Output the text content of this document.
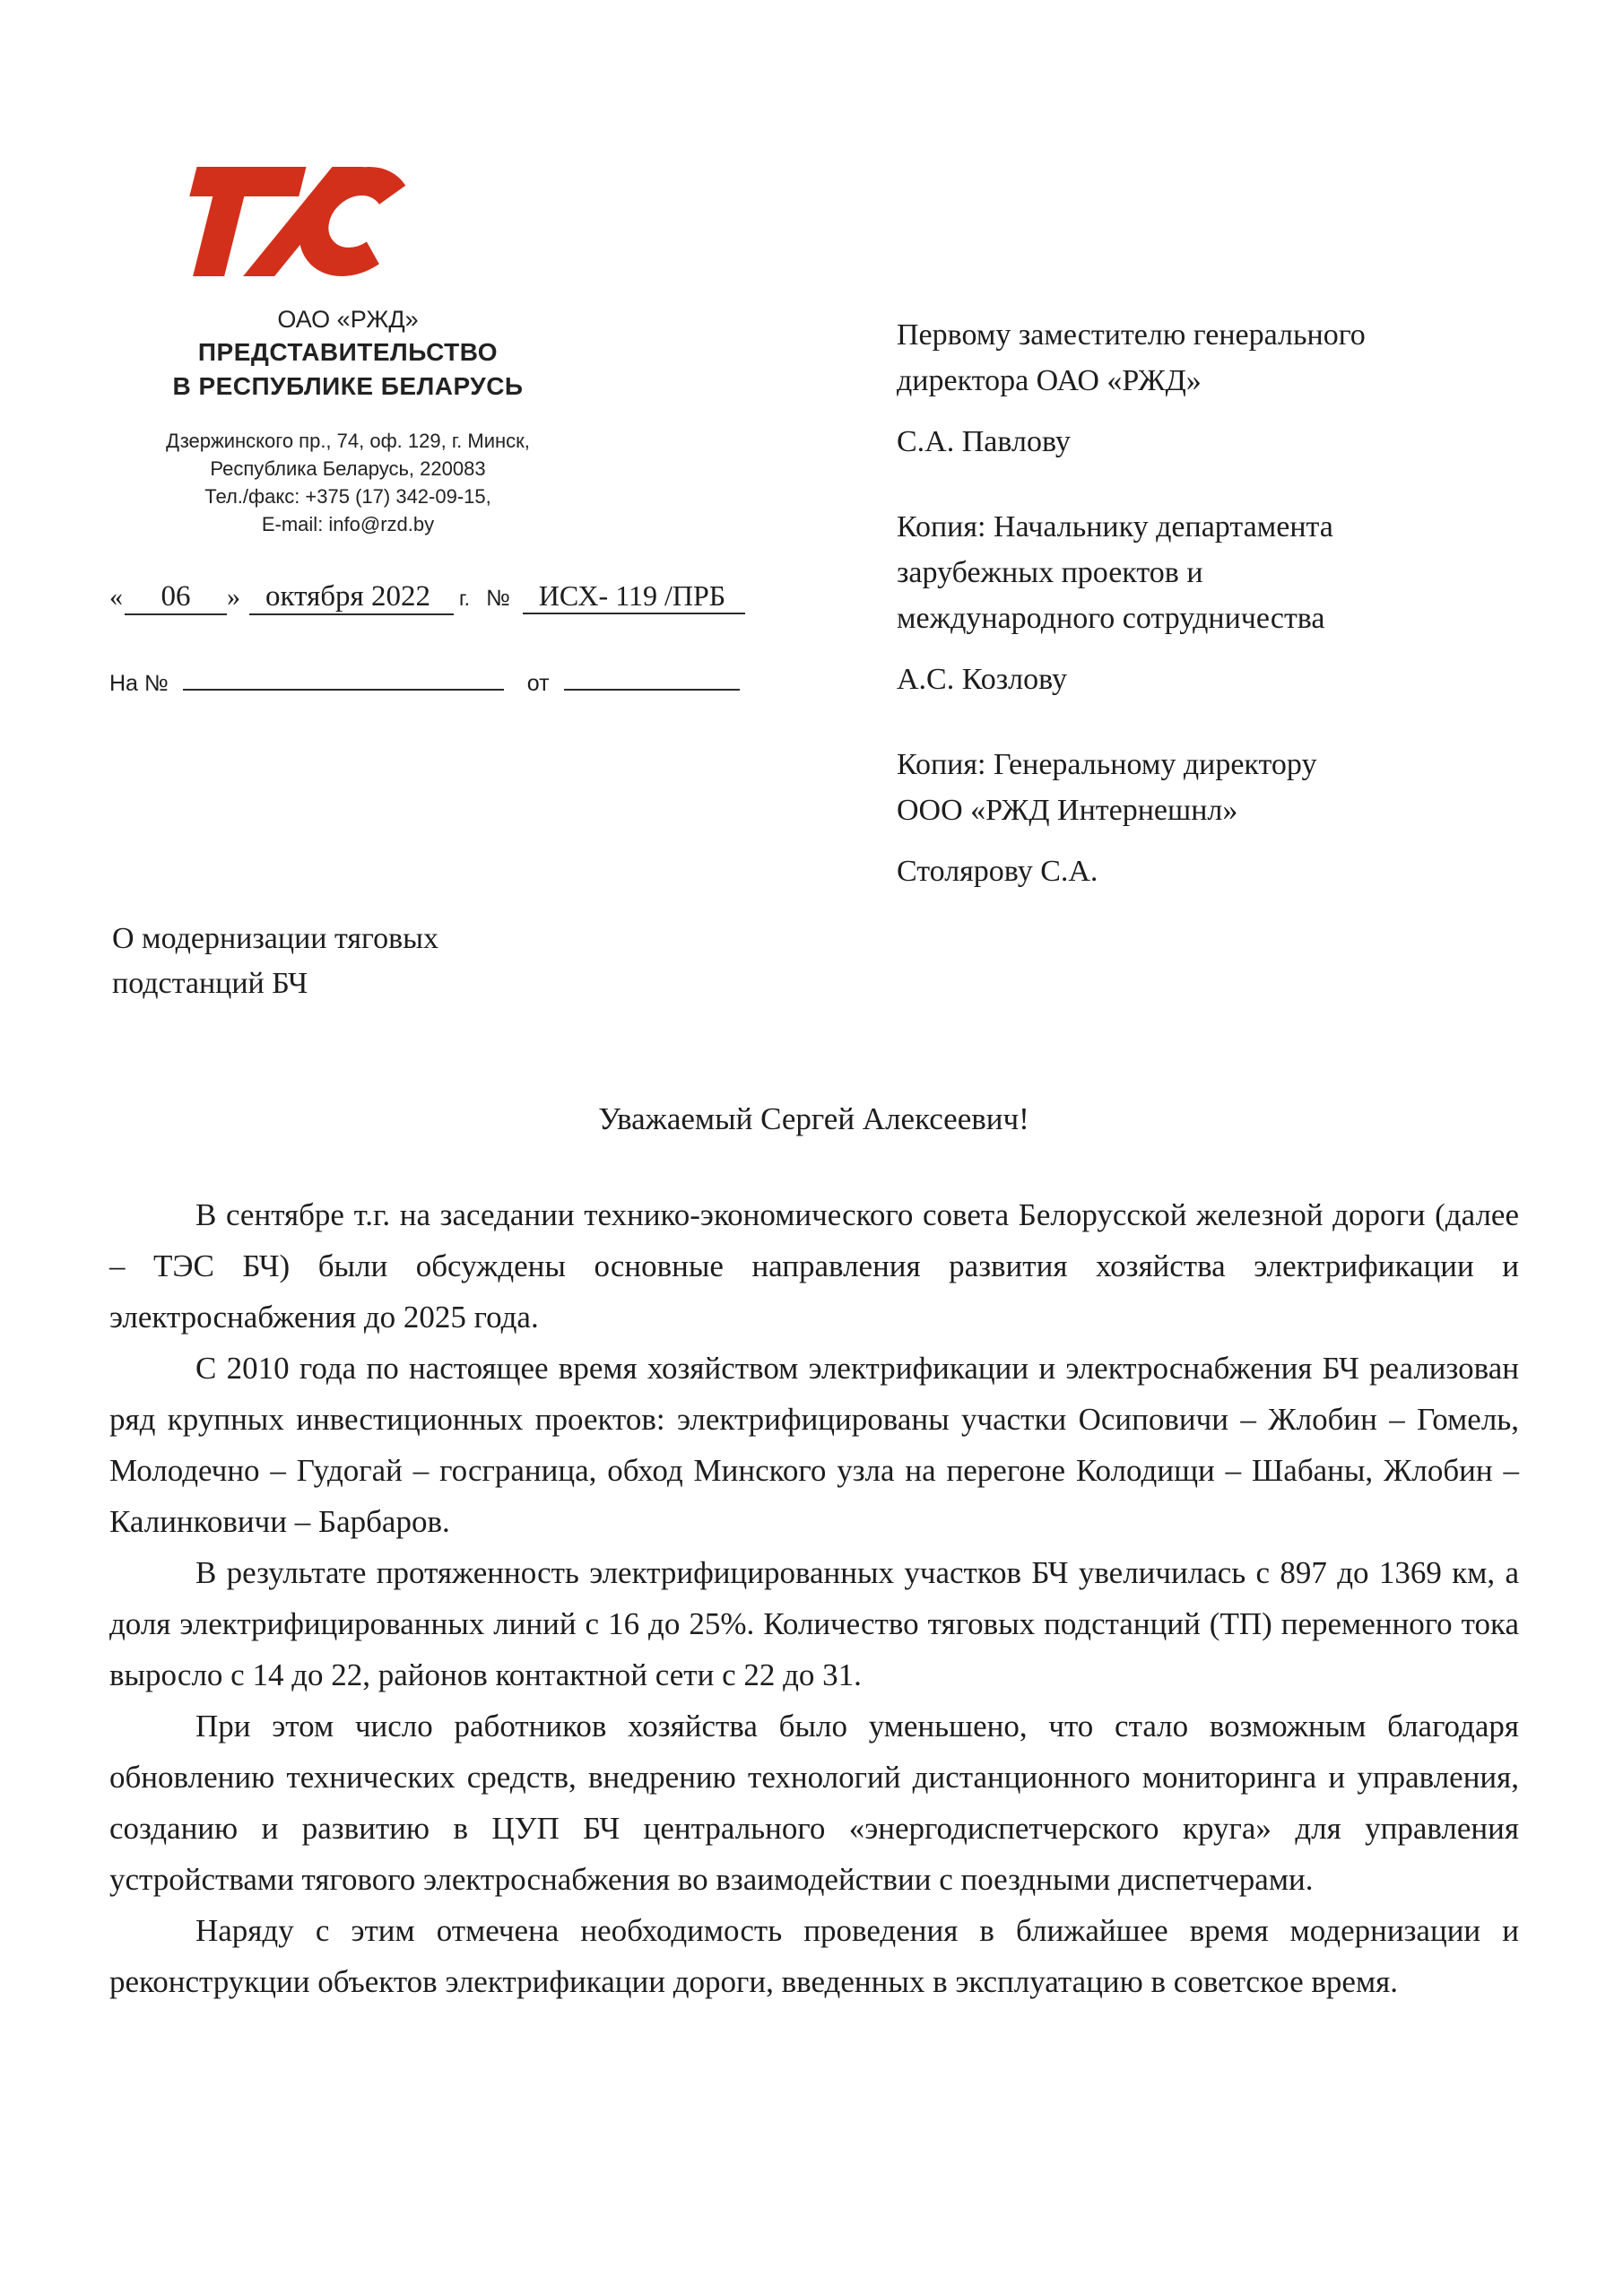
ОАО «РЖД»
ПРЕДСТАВИТЕЛЬСТВО
В РЕСПУБЛИКЕ БЕЛАРУСЬ
Дзержинского пр., 74, оф. 129, г. Минск,
Республика Беларусь, 220083
Тел./факс: +375 (17) 342-09-15,
E-mail: info@rzd.by
«	06	» октября 2022	г. №	ИСХ- 119 /ПРБ
На №	от
Первому заместителю генерального
директора ОАО «РЖД»
С.А. Павлову
Копия: Начальнику департамента
зарубежных проектов и
международного сотрудничества
А.С. Козлову
Копия: Генеральному директору
ООО «РЖД Интернешнл»
Столярову С.А.
О модернизации тяговых подстанций БЧ
Уважаемый Сергей Алексеевич!

В сентябре т.г. на заседании технико-экономического совета Белорусской железной дороги (далее – ТЭС БЧ) были обсуждены основные направления развития хозяйства электрификации и электроснабжения до 2025 года.

С 2010 года по настоящее время хозяйством электрификации и электроснабжения БЧ реализован ряд крупных инвестиционных проектов: электрифицированы участки Осиповичи – Жлобин – Гомель, Молодечно – Гудогай – госграница, обход Минского узла на перегоне Колодищи – Шабаны, Жлобин – Калинковичи – Барбаров.

В результате протяженность электрифицированных участков БЧ увеличилась с 897 до 1369 км, а доля электрифицированных линий с 16 до 25%. Количество тяговых подстанций (ТП) переменного тока выросло с 14 до 22, районов контактной сети с 22 до 31.

При этом число работников хозяйства было уменьшено, что стало возможным благодаря обновлению технических средств, внедрению технологий дистанционного мониторинга и управления, созданию и развитию в ЦУП БЧ центрального «энергодиспетчерского круга» для управления устройствами тягового электроснабжения во взаимодействии с поездными диспетчерами.

Наряду с этим отмечена необходимость проведения в ближайшее время модернизации и реконструкции объектов электрификации дороги, введенных в эксплуатацию в советское время.
